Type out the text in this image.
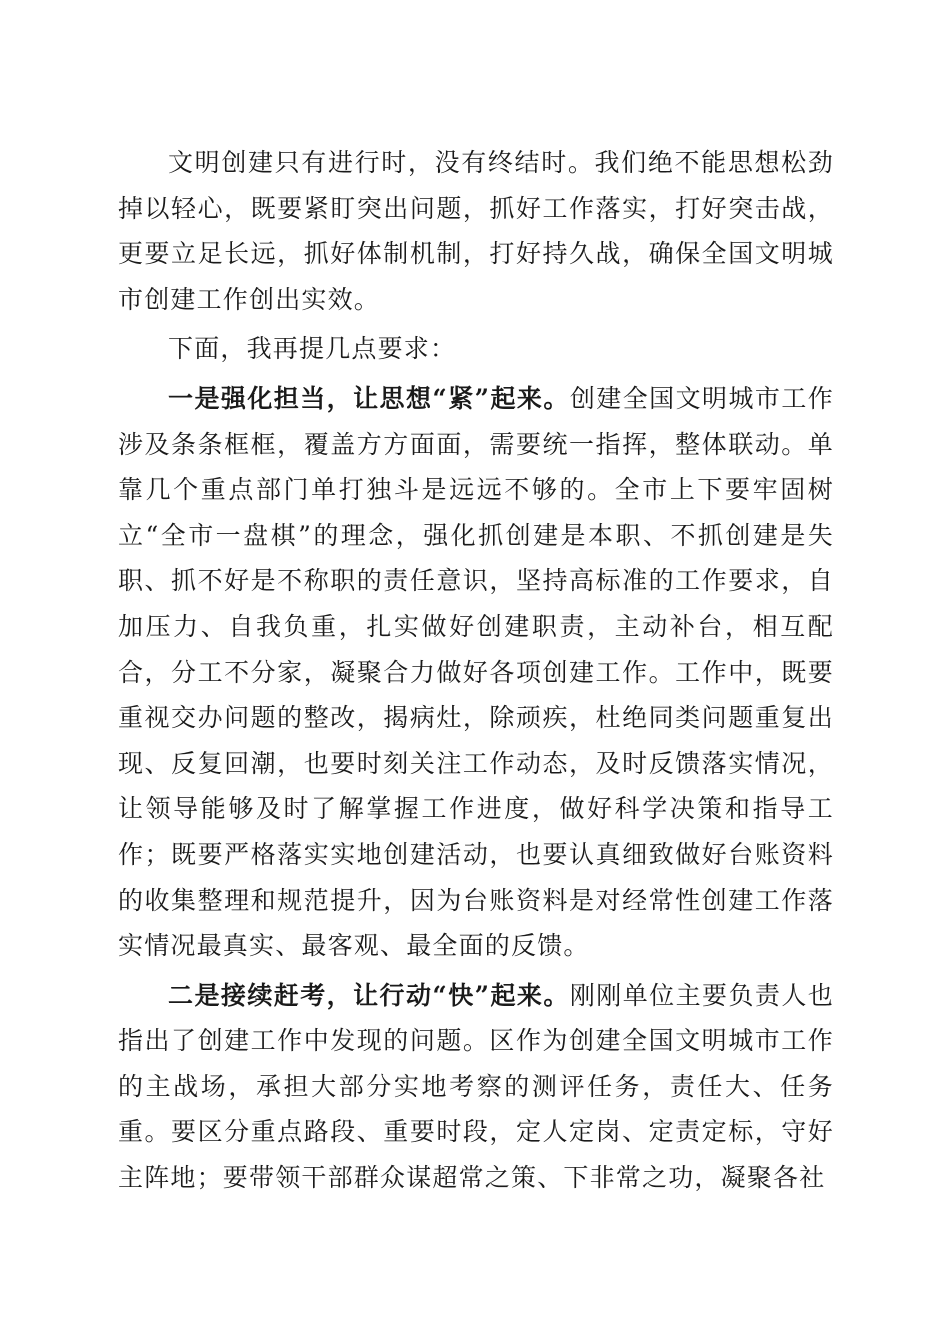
文明创建只有进行时，没有终结时。我们绝不能思想松劲掉以轻心，既要紧盯突出问题，抓好工作落实，打好突击战，更要立足长远，抓好体制机制，打好持久战，确保全国文明城市创建工作创出实效。

下面，我再提几点要求：

一是强化担当，让思想“紧”起来。创建全国文明城市工作涉及条条框框，覆盖方方面面，需要统一指挥，整体联动。单靠几个重点部门单打独斗是远远不够的。全市上下要牢固树立“全市一盘棋”的理念，强化抓创建是本职、不抓创建是失职、抓不好是不称职的责任意识，坚持高标准的工作要求，自加压力、自我负重，扎实做好创建职责，主动补台，相互配合，分工不分家，凝聚合力做好各项创建工作。工作中，既要重视交办问题的整改，揭病灶，除顽疾，杜绝同类问题重复出现、反复回潮，也要时刻关注工作动态，及时反馈落实情况，让领导能够及时了解掌握工作进度，做好科学决策和指导工作；既要严格落实实地创建活动，也要认真细致做好台账资料的收集整理和规范提升，因为台账资料是对经常性创建工作落实情况最真实、最客观、最全面的反馈。

二是接续赶考，让行动“快”起来。刚刚单位主要负责人也指出了创建工作中发现的问题。区作为创建全国文明城市工作的主战场，承担大部分实地考察的测评任务，责任大、任务重。要区分重点路段、重要时段，定人定岗、定责定标，守好主阵地；要带领干部群众谋超常之策、下非常之功，凝聚各社
